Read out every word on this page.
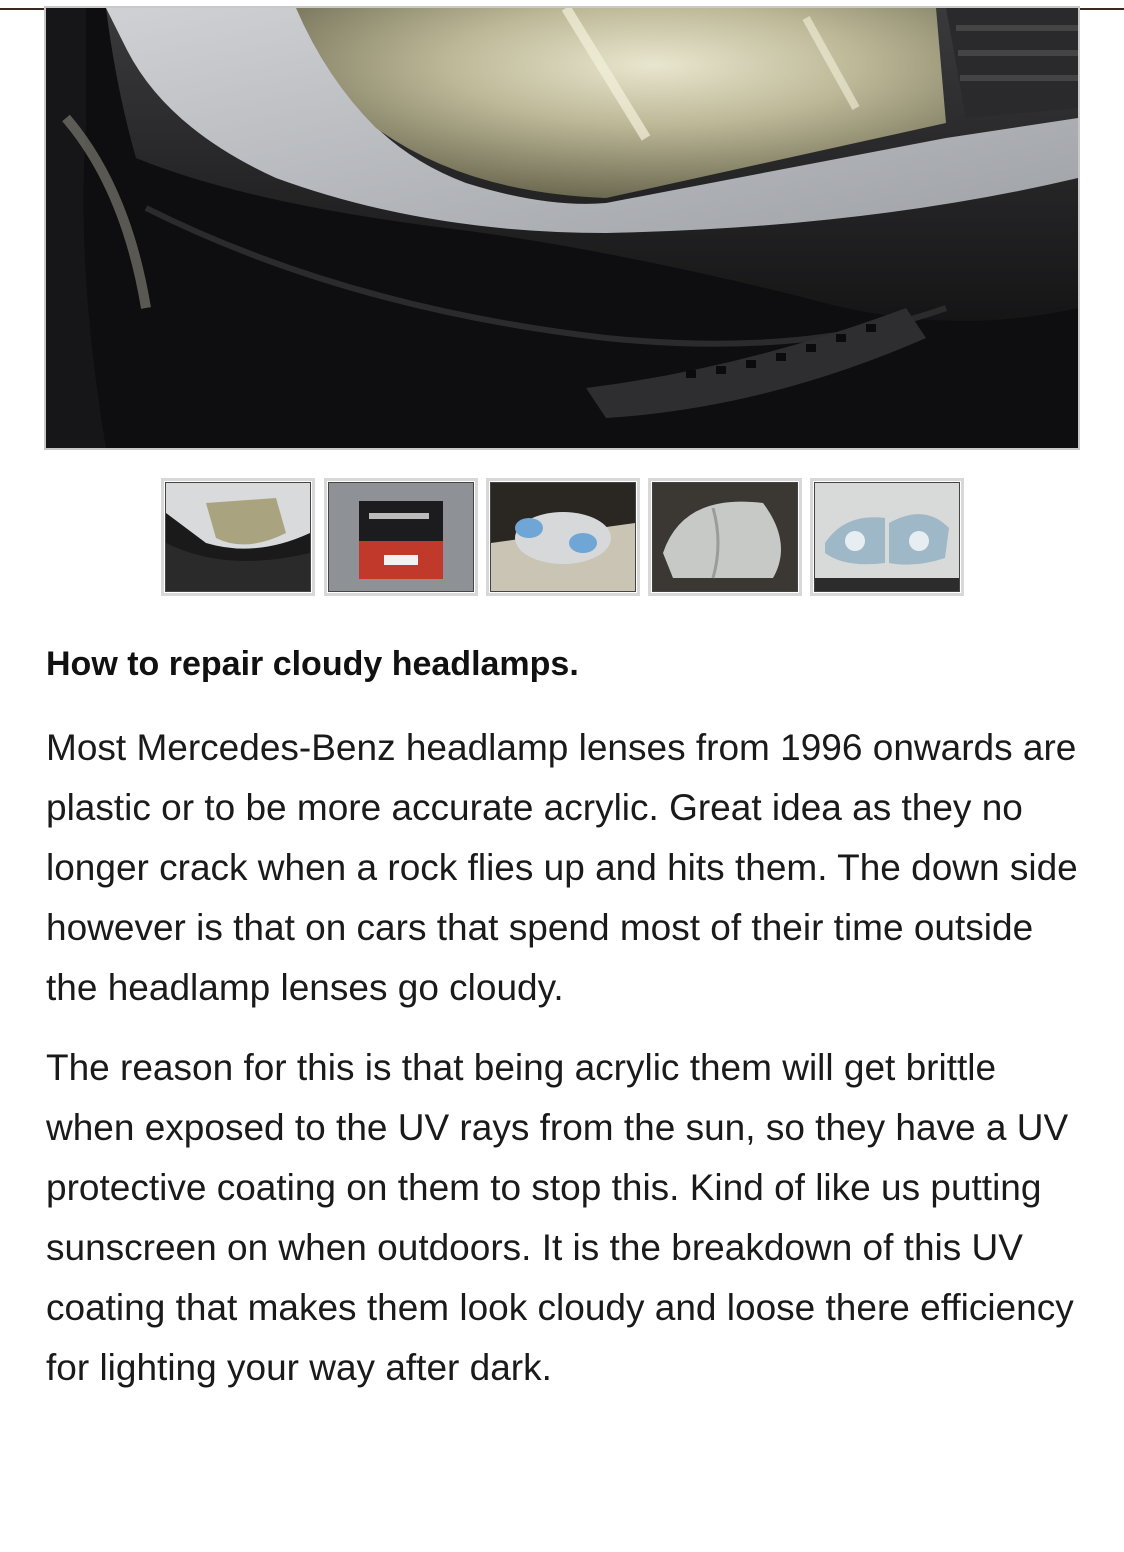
How to repair cloudy headlamps.

Most Mercedes-Benz headlamp lenses from 1996 onwards are plastic or to be more accurate acrylic. Great idea as they no longer crack when a rock flies up and hits them. The down side however is that on cars that spend most of their time outside the headlamp lenses go cloudy.

The reason for this is that being acrylic them will get brittle when exposed to the UV rays from the sun, so they have a UV protective coating on them to stop this. Kind of like us putting sunscreen on when outdoors. It is the breakdown of this UV coating that makes them look cloudy and loose there efficiency for lighting your way after dark.
